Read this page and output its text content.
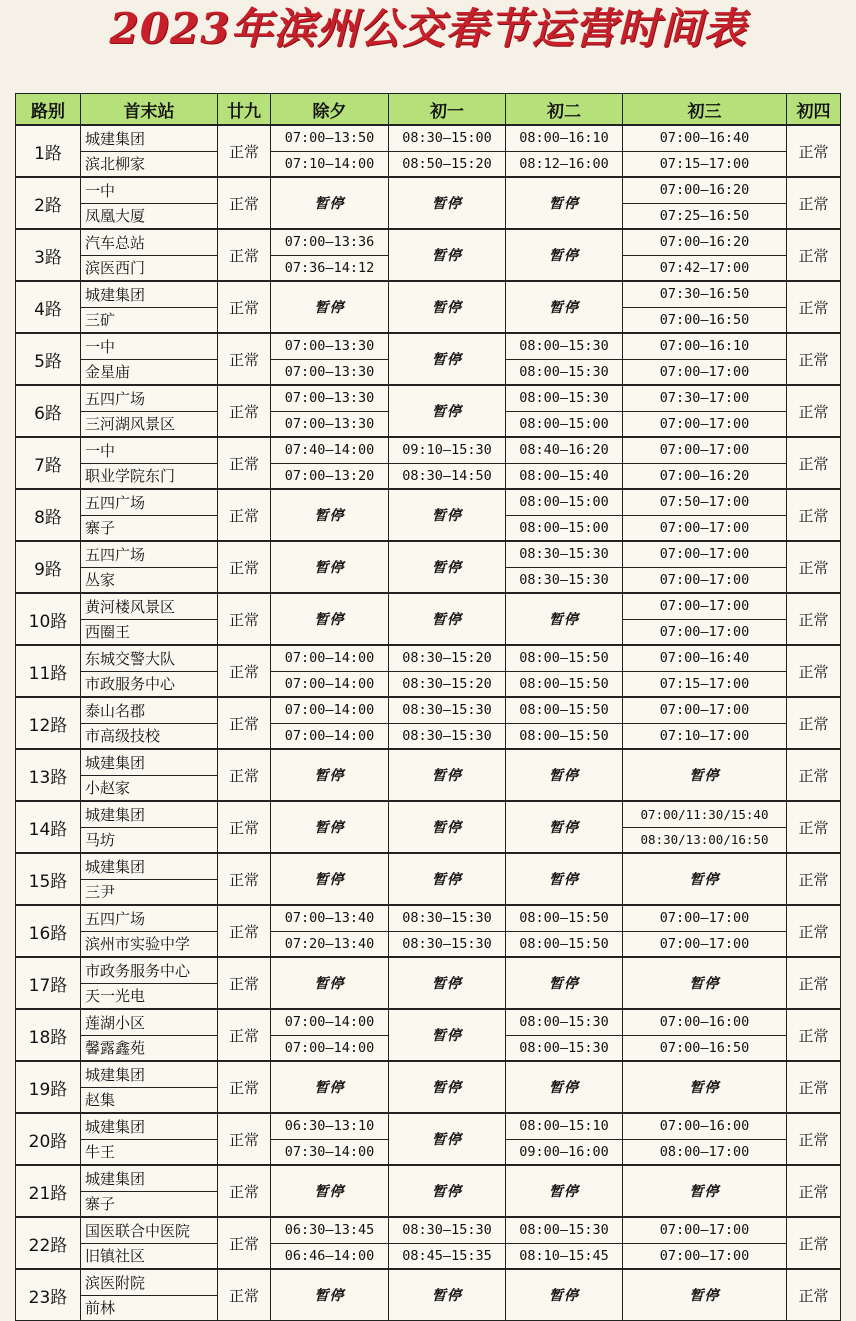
2023年滨州公交春节运营时间表
路别	首末站	廿九	除夕	初一	初二	初三	初四
1路	城建集团	正常	07:00—13:50	08:30—15:00	08:00—16:10	07:00—16:40	正常
	滨北柳家		07:10—14:00	08:50—15:20	08:12—16:00	07:15—17:00	
2路	一中	正常	暂停	暂停	暂停	07:00—16:20	正常
	凤凰大厦					07:25—16:50	
3路	汽车总站	正常	07:00—13:36	暂停	暂停	07:00—16:20	正常
	滨医西门		07:36—14:12			07:42—17:00	
4路	城建集团	正常	暂停	暂停	暂停	07:30—16:50	正常
	三矿					07:00—16:50	
5路	一中	正常	07:00—13:30	暂停	08:00—15:30	07:00—16:10	正常
	金星庙		07:00—13:30		08:00—15:30	07:00—17:00	
6路	五四广场	正常	07:00—13:30	暂停	08:00—15:30	07:30—17:00	正常
	三河湖风景区		07:00—13:30		08:00—15:00	07:00—17:00	
7路	一中	正常	07:40—14:00	09:10—15:30	08:40—16:20	07:00—17:00	正常
	职业学院东门		07:00—13:20	08:30—14:50	08:00—15:40	07:00—16:20	
8路	五四广场	正常	暂停	暂停	08:00—15:00	07:50—17:00	正常
	寨子				08:00—15:00	07:00—17:00	
9路	五四广场	正常	暂停	暂停	08:30—15:30	07:00—17:00	正常
	丛家				08:30—15:30	07:00—17:00	
10路	黄河楼风景区	正常	暂停	暂停	暂停	07:00—17:00	正常
	西圈王					07:00—17:00	
11路	东城交警大队	正常	07:00—14:00	08:30—15:20	08:00—15:50	07:00—16:40	正常
	市政服务中心		07:00—14:00	08:30—15:20	08:00—15:50	07:15—17:00	
12路	泰山名郡	正常	07:00—14:00	08:30—15:30	08:00—15:50	07:00—17:00	正常
	市高级技校		07:00—14:00	08:30—15:30	08:00—15:50	07:10—17:00	
13路	城建集团	正常	暂停	暂停	暂停	暂停	正常
	小赵家						
14路	城建集团	正常	暂停	暂停	暂停	07:00/11:30/15:40	正常
	马坊					08:30/13:00/16:50	
15路	城建集团	正常	暂停	暂停	暂停	暂停	正常
	三尹						
16路	五四广场	正常	07:00—13:40	08:30—15:30	08:00—15:50	07:00—17:00	正常
	滨州市实验中学		07:20—13:40	08:30—15:30	08:00—15:50	07:00—17:00	
17路	市政务服务中心	正常	暂停	暂停	暂停	暂停	正常
	天一光电						
18路	莲湖小区	正常	07:00—14:00	暂停	08:00—15:30	07:00—16:00	正常
	馨露鑫苑		07:00—14:00		08:00—15:30	07:00—16:50	
19路	城建集团	正常	暂停	暂停	暂停	暂停	正常
	赵集						
20路	城建集团	正常	06:30—13:10	暂停	08:00—15:10	07:00—16:00	正常
	牛王		07:30—14:00		09:00—16:00	08:00—17:00	
21路	城建集团	正常	暂停	暂停	暂停	暂停	正常
	寨子						
22路	国医联合中医院	正常	06:30—13:45	08:30—15:30	08:00—15:30	07:00—17:00	正常
	旧镇社区		06:46—14:00	08:45—15:35	08:10—15:45	07:00—17:00	
23路	滨医附院	正常	暂停	暂停	暂停	暂停	正常
	前林						
